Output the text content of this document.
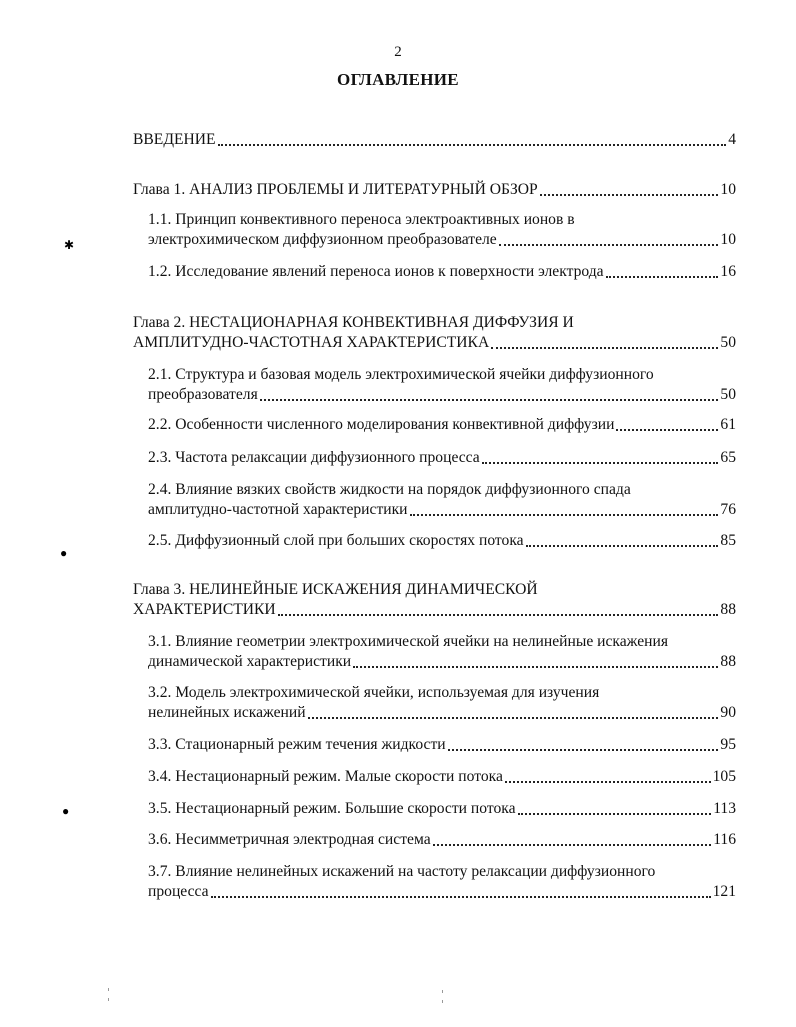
2
ОГЛАВЛЕНИЕ
ВВЕДЕНИЕ	4
Глава 1. АНАЛИЗ ПРОБЛЕМЫ И ЛИТЕРАТУРНЫЙ ОБЗОР	10
1.1. Принцип конвективного переноса электроактивных ионов в
электрохимическом диффузионном преобразователе	10
1.2. Исследование явлений переноса ионов к поверхности электрода	16
Глава 2. НЕСТАЦИОНАРНАЯ КОНВЕКТИВНАЯ ДИФФУЗИЯ И
АМПЛИТУДНО-ЧАСТОТНАЯ ХАРАКТЕРИСТИКА	50
2.1. Структура и базовая модель электрохимической ячейки диффузионного
преобразователя	50
2.2. Особенности численного моделирования конвективной диффузии	61
2.3. Частота релаксации диффузионного процесса	65
2.4. Влияние вязких свойств жидкости на порядок диффузионного спада
амплитудно-частотной характеристики	76
2.5. Диффузионный слой при больших скоростях потока	85
Глава 3. НЕЛИНЕЙНЫЕ ИСКАЖЕНИЯ ДИНАМИЧЕСКОЙ
ХАРАКТЕРИСТИКИ	88
3.1. Влияние геометрии электрохимической ячейки на нелинейные искажения
динамической характеристики	88
3.2. Модель электрохимической ячейки, используемая для изучения
нелинейных искажений	90
3.3. Стационарный режим течения жидкости	95
3.4. Нестационарный режим. Малые скорости потока	105
3.5. Нестационарный режим. Большие скорости потока	113
3.6. Несимметричная электродная система	116
3.7. Влияние нелинейных искажений на частоту релаксации диффузионного
процесса	121
✱
●
●
